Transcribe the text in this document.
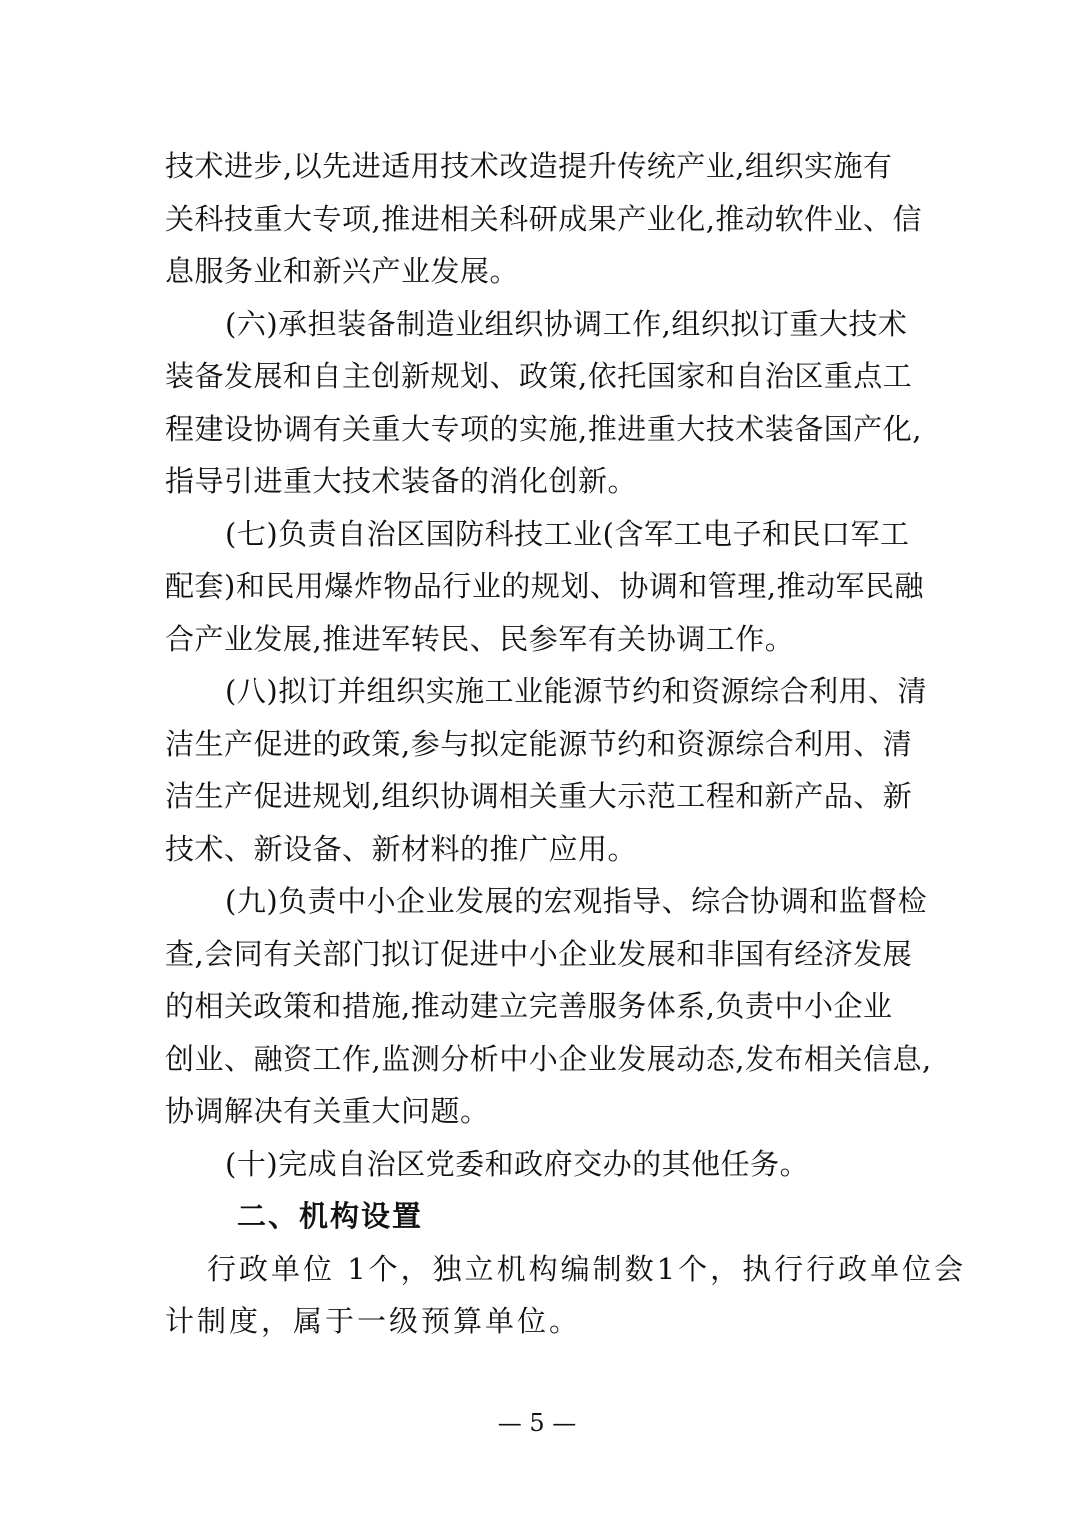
技术进步,以先进适用技术改造提升传统产业,组织实施有
关科技重大专项,推进相关科研成果产业化,推动软件业、信
息服务业和新兴产业发展。
(六)承担装备制造业组织协调工作,组织拟订重大技术
装备发展和自主创新规划、政策,依托国家和自治区重点工
程建设协调有关重大专项的实施,推进重大技术装备国产化,
指导引进重大技术装备的消化创新。
(七)负责自治区国防科技工业(含军工电子和民口军工
配套)和民用爆炸物品行业的规划、协调和管理,推动军民融
合产业发展,推进军转民、民参军有关协调工作。
(八)拟订并组织实施工业能源节约和资源综合利用、清
洁生产促进的政策,参与拟定能源节约和资源综合利用、清
洁生产促进规划,组织协调相关重大示范工程和新产品、新
技术、新设备、新材料的推广应用。
(九)负责中小企业发展的宏观指导、综合协调和监督检
查,会同有关部门拟订促进中小企业发展和非国有经济发展
的相关政策和措施,推动建立完善服务体系,负责中小企业
创业、融资工作,监测分析中小企业发展动态,发布相关信息,
协调解决有关重大问题。
(十)完成自治区党委和政府交办的其他任务。
二、机构设置
行政单位 1个，独立机构编制数1个，执行行政单位会
计制度，属于一级预算单位。
— 5 —
